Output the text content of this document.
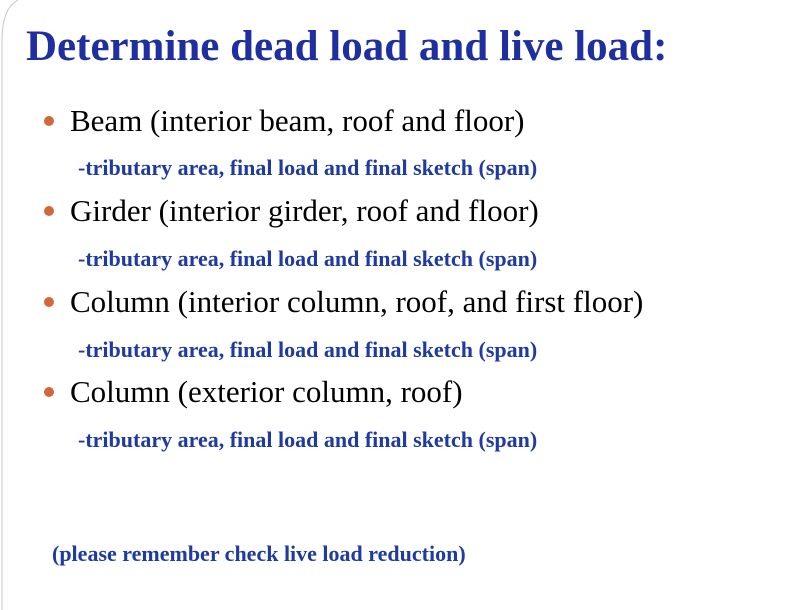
Determine dead load and live load:
Beam (interior beam, roof and floor)
-tributary area, final load and final sketch (span)
Girder (interior girder, roof and floor)
-tributary area, final load and final sketch (span)
Column (interior column, roof, and first floor)
-tributary area, final load and final sketch (span)
Column (exterior column, roof)
-tributary area, final load and final sketch (span)
(please remember check live load reduction)
